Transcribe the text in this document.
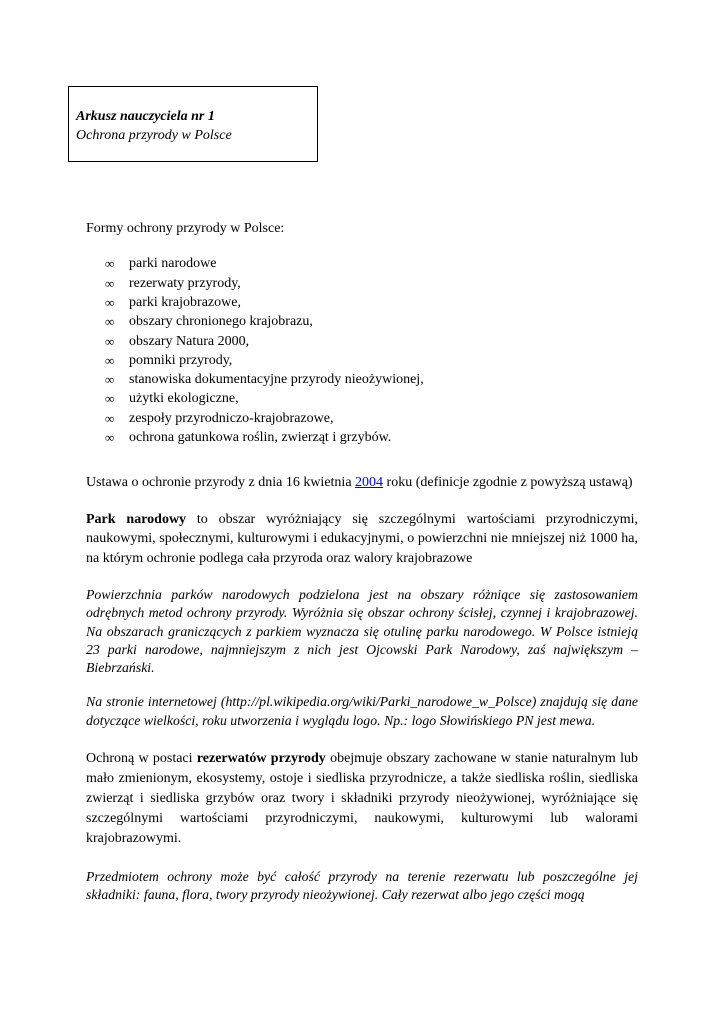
Arkusz nauczyciela nr 1
Ochrona przyrody w Polsce

Formy ochrony przyrody w Polsce:

∞ parki narodowe
∞ rezerwaty przyrody,
∞ parki krajobrazowe,
∞ obszary chronionego krajobrazu,
∞ obszary Natura 2000,
∞ pomniki przyrody,
∞ stanowiska dokumentacyjne przyrody nieożywionej,
∞ użytki ekologiczne,
∞ zespoły przyrodniczo-krajobrazowe,
∞ ochrona gatunkowa roślin, zwierząt i grzybów.

Ustawa o ochronie przyrody z dnia 16 kwietnia 2004 roku (definicje zgodnie z powyższą ustawą)

Park narodowy to obszar wyróżniający się szczególnymi wartościami przyrodniczymi, naukowymi, społecznymi, kulturowymi i edukacyjnymi, o powierzchni nie mniejszej niż 1000 ha, na którym ochronie podlega cała przyroda oraz walory krajobrazowe

Powierzchnia parków narodowych podzielona jest na obszary różniące się zastosowaniem odrębnych metod ochrony przyrody. Wyróżnia się obszar ochrony ścisłej, czynnej i krajobrazowej. Na obszarach graniczących z parkiem wyznacza się otulinę parku narodowego. W Polsce istnieją 23 parki narodowe, najmniejszym z nich jest Ojcowski Park Narodowy, zaś największym – Biebrzański.

Na stronie internetowej (http://pl.wikipedia.org/wiki/Parki_narodowe_w_Polsce) znajdują się dane dotyczące wielkości, roku utworzenia i wyglądu logo. Np.: logo Słowińskiego PN jest mewa.

Ochroną w postaci rezerwatów przyrody obejmuje obszary zachowane w stanie naturalnym lub mało zmienionym, ekosystemy, ostoje i siedliska przyrodnicze, a także siedliska roślin, siedliska zwierząt i siedliska grzybów oraz twory i składniki przyrody nieożywionej, wyróżniające się szczególnymi wartościami przyrodniczymi, naukowymi, kulturowymi lub walorami krajobrazowymi.

Przedmiotem ochrony może być całość przyrody na terenie rezerwatu lub poszczególne jej składniki: fauna, flora, twory przyrody nieożywionej. Cały rezerwat albo jego części mogą
